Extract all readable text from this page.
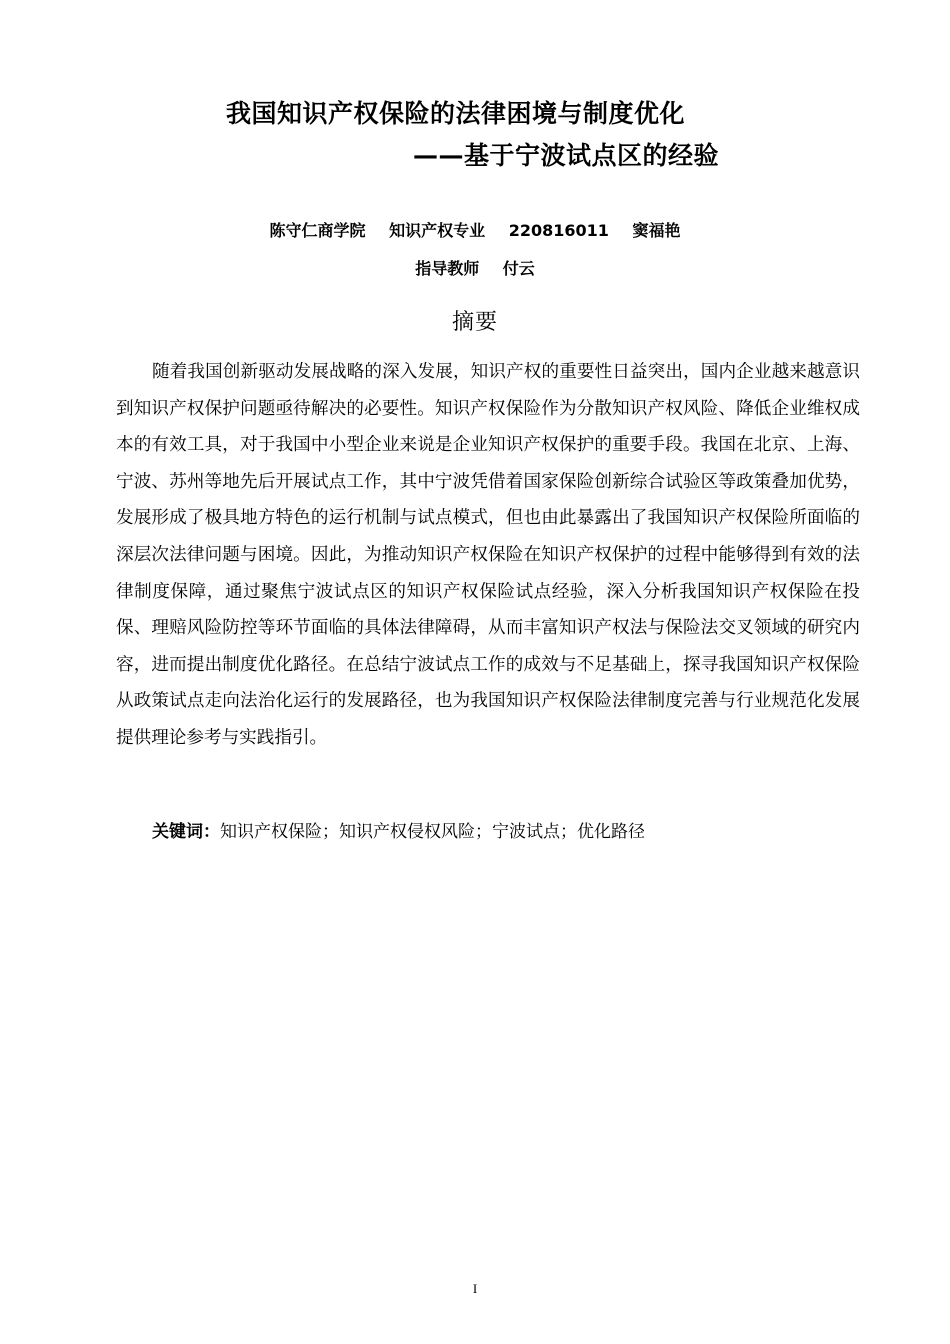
我国知识产权保险的法律困境与制度优化
——基于宁波试点区的经验
陈守仁商学院 知识产权专业 220816011 窦福艳
指导教师 付云
摘要

随着我国创新驱动发展战略的深入发展，知识产权的重要性日益突出，国内企业越来越意识到知识产权保护问题亟待解决的必要性。知识产权保险作为分散知识产权风险、降低企业维权成本的有效工具，对于我国中小型企业来说是企业知识产权保护的重要手段。我国在北京、上海、宁波、苏州等地先后开展试点工作，其中宁波凭借着国家保险创新综合试验区等政策叠加优势，发展形成了极具地方特色的运行机制与试点模式，但也由此暴露出了我国知识产权保险所面临的深层次法律问题与困境。因此，为推动知识产权保险在知识产权保护的过程中能够得到有效的法律制度保障，通过聚焦宁波试点区的知识产权保险试点经验，深入分析我国知识产权保险在投保、理赔风险防控等环节面临的具体法律障碍，从而丰富知识产权法与保险法交叉领域的研究内容，进而提出制度优化路径。在总结宁波试点工作的成效与不足基础上，探寻我国知识产权保险从政策试点走向法治化运行的发展路径，也为我国知识产权保险法律制度完善与行业规范化发展提供理论参考与实践指引。

关键词：知识产权保险；知识产权侵权风险；宁波试点；优化路径
I
